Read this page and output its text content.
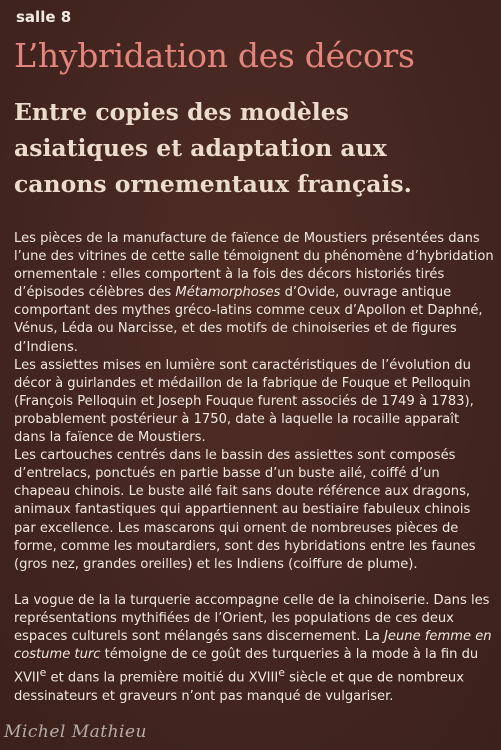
salle 8
L’hybridation des décors
Entre copies des modèles
asiatiques et adaptation aux
canons ornementaux français.

Les pièces de la manufacture de faïence de Moustiers présentées dans l’une des vitrines de cette salle témoignent du phénomène d’hybridation ornementale : elles comportent à la fois des décors historiés tirés d’épisodes célèbres des Métamorphoses d’Ovide, ouvrage antique comportant des mythes gréco-latins comme ceux d’Apollon et Daphné, Vénus, Léda ou Narcisse, et des motifs de chinoiseries et de figures d’Indiens.

Les assiettes mises en lumière sont caractéristiques de l’évolution du décor à guirlandes et médaillon de la fabrique de Fouque et Pelloquin (François Pelloquin et Joseph Fouque furent associés de 1749 à 1783), probablement postérieur à 1750, date à laquelle la rocaille apparaît dans la faïence de Moustiers.

Les cartouches centrés dans le bassin des assiettes sont composés d’entrelacs, ponctués en partie basse d’un buste ailé, coiffé d’un chapeau chinois. Le buste ailé fait sans doute référence aux dragons, animaux fantastiques qui appartiennent au bestiaire fabuleux chinois par excellence. Les mascarons qui ornent de nombreuses pièces de forme, comme les moutardiers, sont des hybridations entre les faunes (gros nez, grandes oreilles) et les Indiens (coiffure de plume).

La vogue de la la turquerie accompagne celle de la chinoiserie. Dans les représentations mythifiées de l’Orient, les populations de ces deux espaces culturels sont mélangés sans discernement. La Jeune femme en costume turc témoigne de ce goût des turqueries à la mode à la fin du XVIIe et dans la première moitié du XVIIIe siècle et que de nombreux dessinateurs et graveurs n’ont pas manqué de vulgariser.

Michel Mathieu
